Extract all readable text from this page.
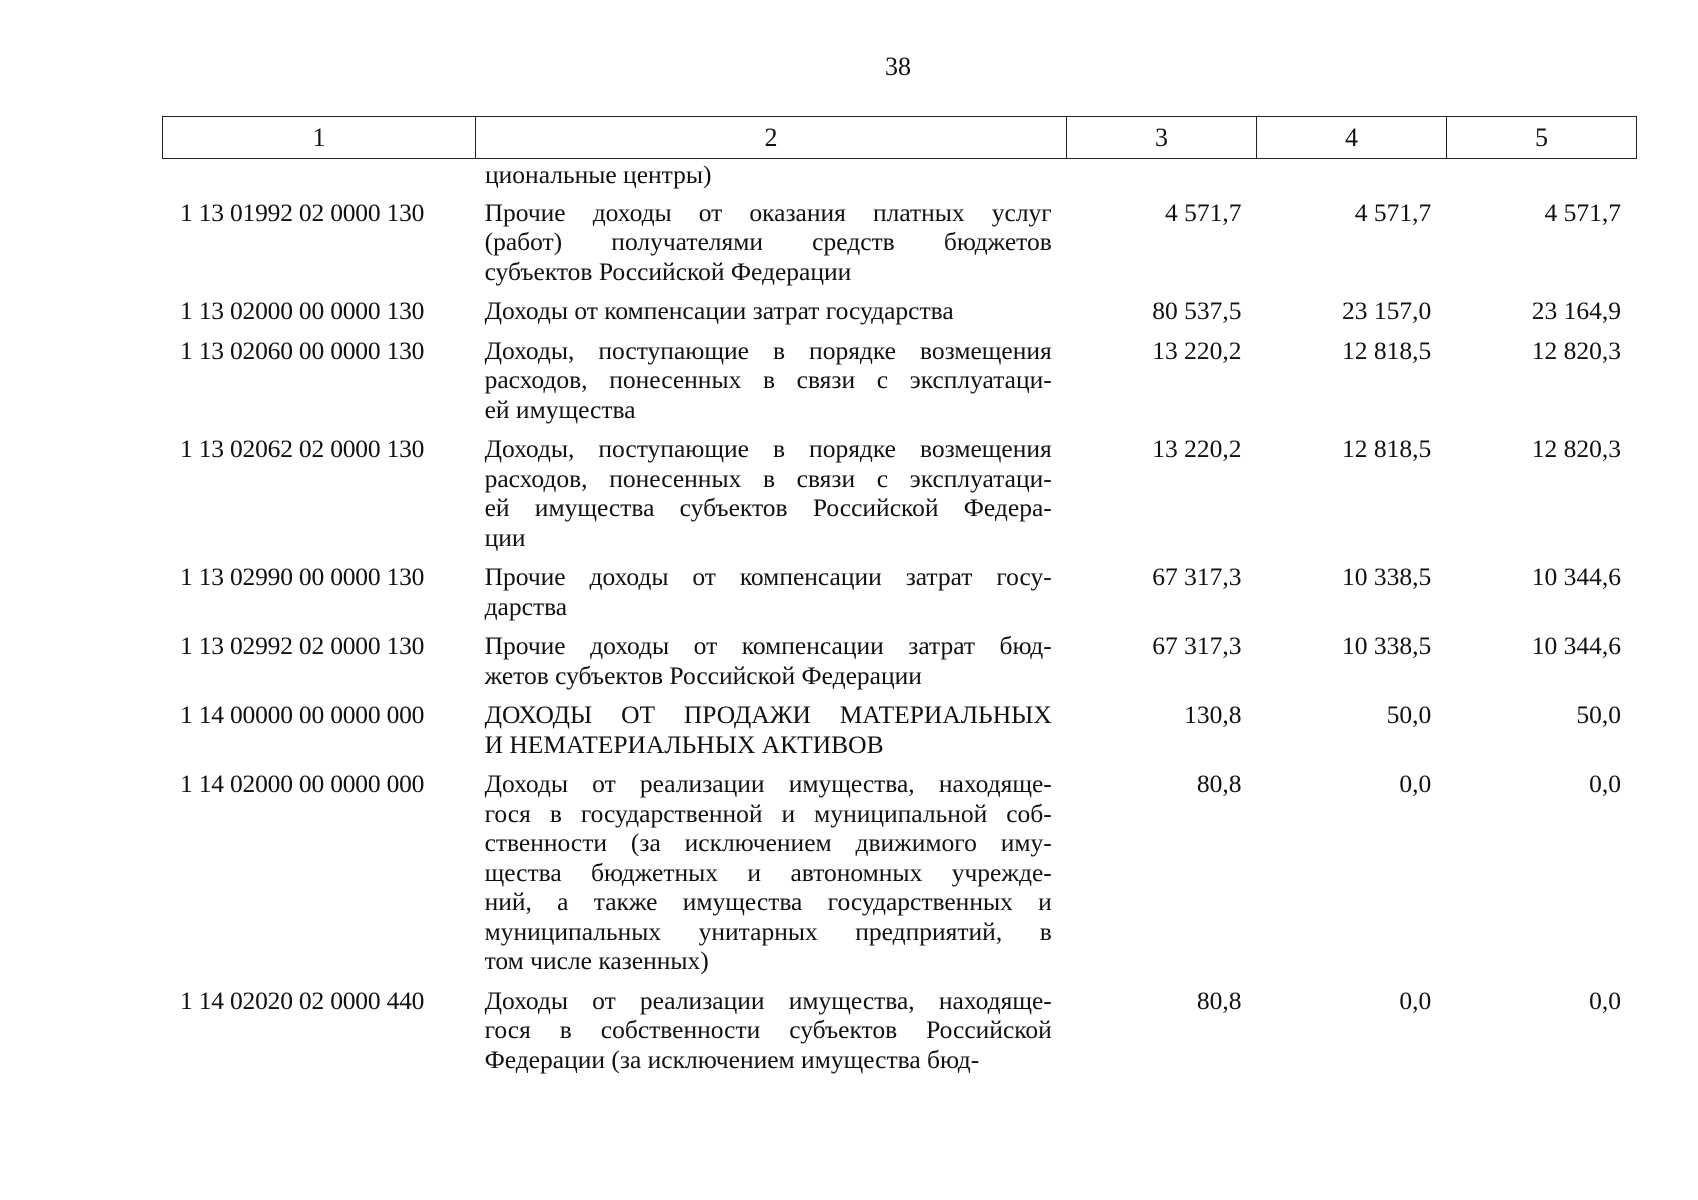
38
1	2	3	4	5
циональные центры)
1 13 01992 02 0000 130	Прочие доходы от оказания платных услуг
(работ) получателями средств бюджетов
субъектов Российской Федерации
4 571,7	4 571,7	4 571,7
1 13 02000 00 0000 130	Доходы от компенсации затрат государства	80 537,5	23 157,0	23 164,9
1 13 02060 00 0000 130	Доходы, поступающие в порядке возмещения
расходов, понесенных в связи с эксплуатаци-
ей имущества
13 220,2	12 818,5	12 820,3
1 13 02062 02 0000 130	Доходы, поступающие в порядке возмещения
расходов, понесенных в связи с эксплуатаци-
ей имущества субъектов Российской Федера-
ции
13 220,2	12 818,5	12 820,3
1 13 02990 00 0000 130	Прочие доходы от компенсации затрат госу-
дарства
67 317,3	10 338,5	10 344,6
1 13 02992 02 0000 130	Прочие доходы от компенсации затрат бюд-
жетов субъектов Российской Федерации
67 317,3	10 338,5	10 344,6
1 14 00000 00 0000 000	ДОХОДЫ ОТ ПРОДАЖИ МАТЕРИАЛЬНЫХ
И НЕМАТЕРИАЛЬНЫХ АКТИВОВ
130,8	50,0	50,0
1 14 02000 00 0000 000	Доходы от реализации имущества, находяще-
гося в государственной и муниципальной соб-
ственности (за исключением движимого иму-
щества бюджетных и автономных учрежде-
ний, а также имущества государственных и
муниципальных унитарных предприятий, в
том числе казенных)
80,8	0,0	0,0
1 14 02020 02 0000 440	Доходы от реализации имущества, находяще-
гося в собственности субъектов Российской
Федерации (за исключением имущества бюд-
80,8	0,0	0,0
